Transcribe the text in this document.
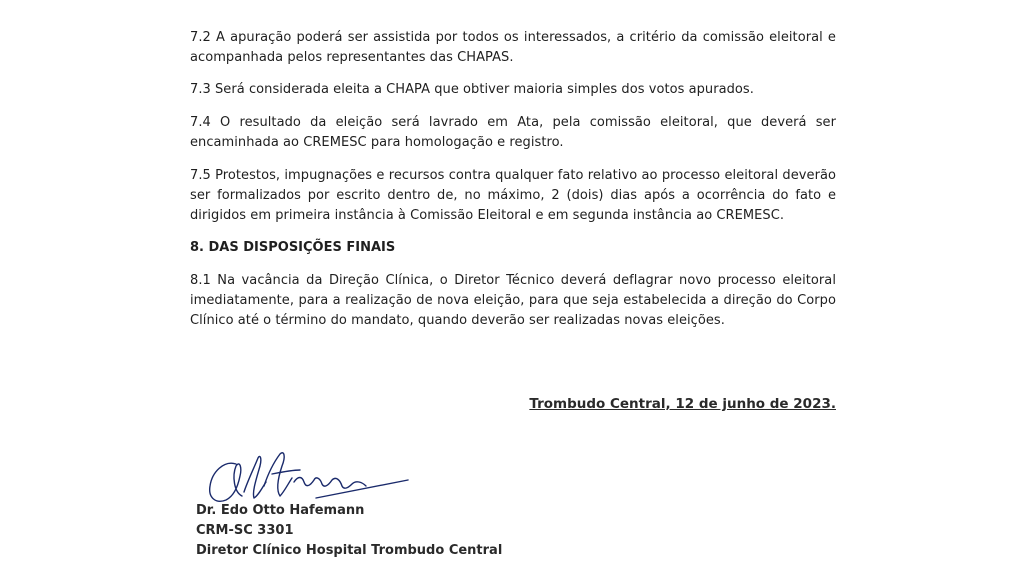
7.2 A apuração poderá ser assistida por todos os interessados, a critério da comissão eleitoral e acompanhada pelos representantes das CHAPAS.

7.3 Será considerada eleita a CHAPA que obtiver maioria simples dos votos apurados.

7.4 O resultado da eleição será lavrado em Ata, pela comissão eleitoral, que deverá ser encaminhada ao CREMESC para homologação e registro.

7.5 Protestos, impugnações e recursos contra qualquer fato relativo ao processo eleitoral deverão ser formalizados por escrito dentro de, no máximo, 2 (dois) dias após a ocorrência do fato e dirigidos em primeira instância à Comissão Eleitoral e em segunda instância ao CREMESC.

8. DAS DISPOSIÇÕES FINAIS

8.1 Na vacância da Direção Clínica, o Diretor Técnico deverá deflagrar novo processo eleitoral imediatamente, para a realização de nova eleição, para que seja estabelecida a direção do Corpo Clínico até o término do mandato, quando deverão ser realizadas novas eleições.

Trombudo Central, 12 de junho de 2023.
Dr. Edo Otto Hafemann
CRM-SC 3301
Diretor Clínico Hospital Trombudo Central
